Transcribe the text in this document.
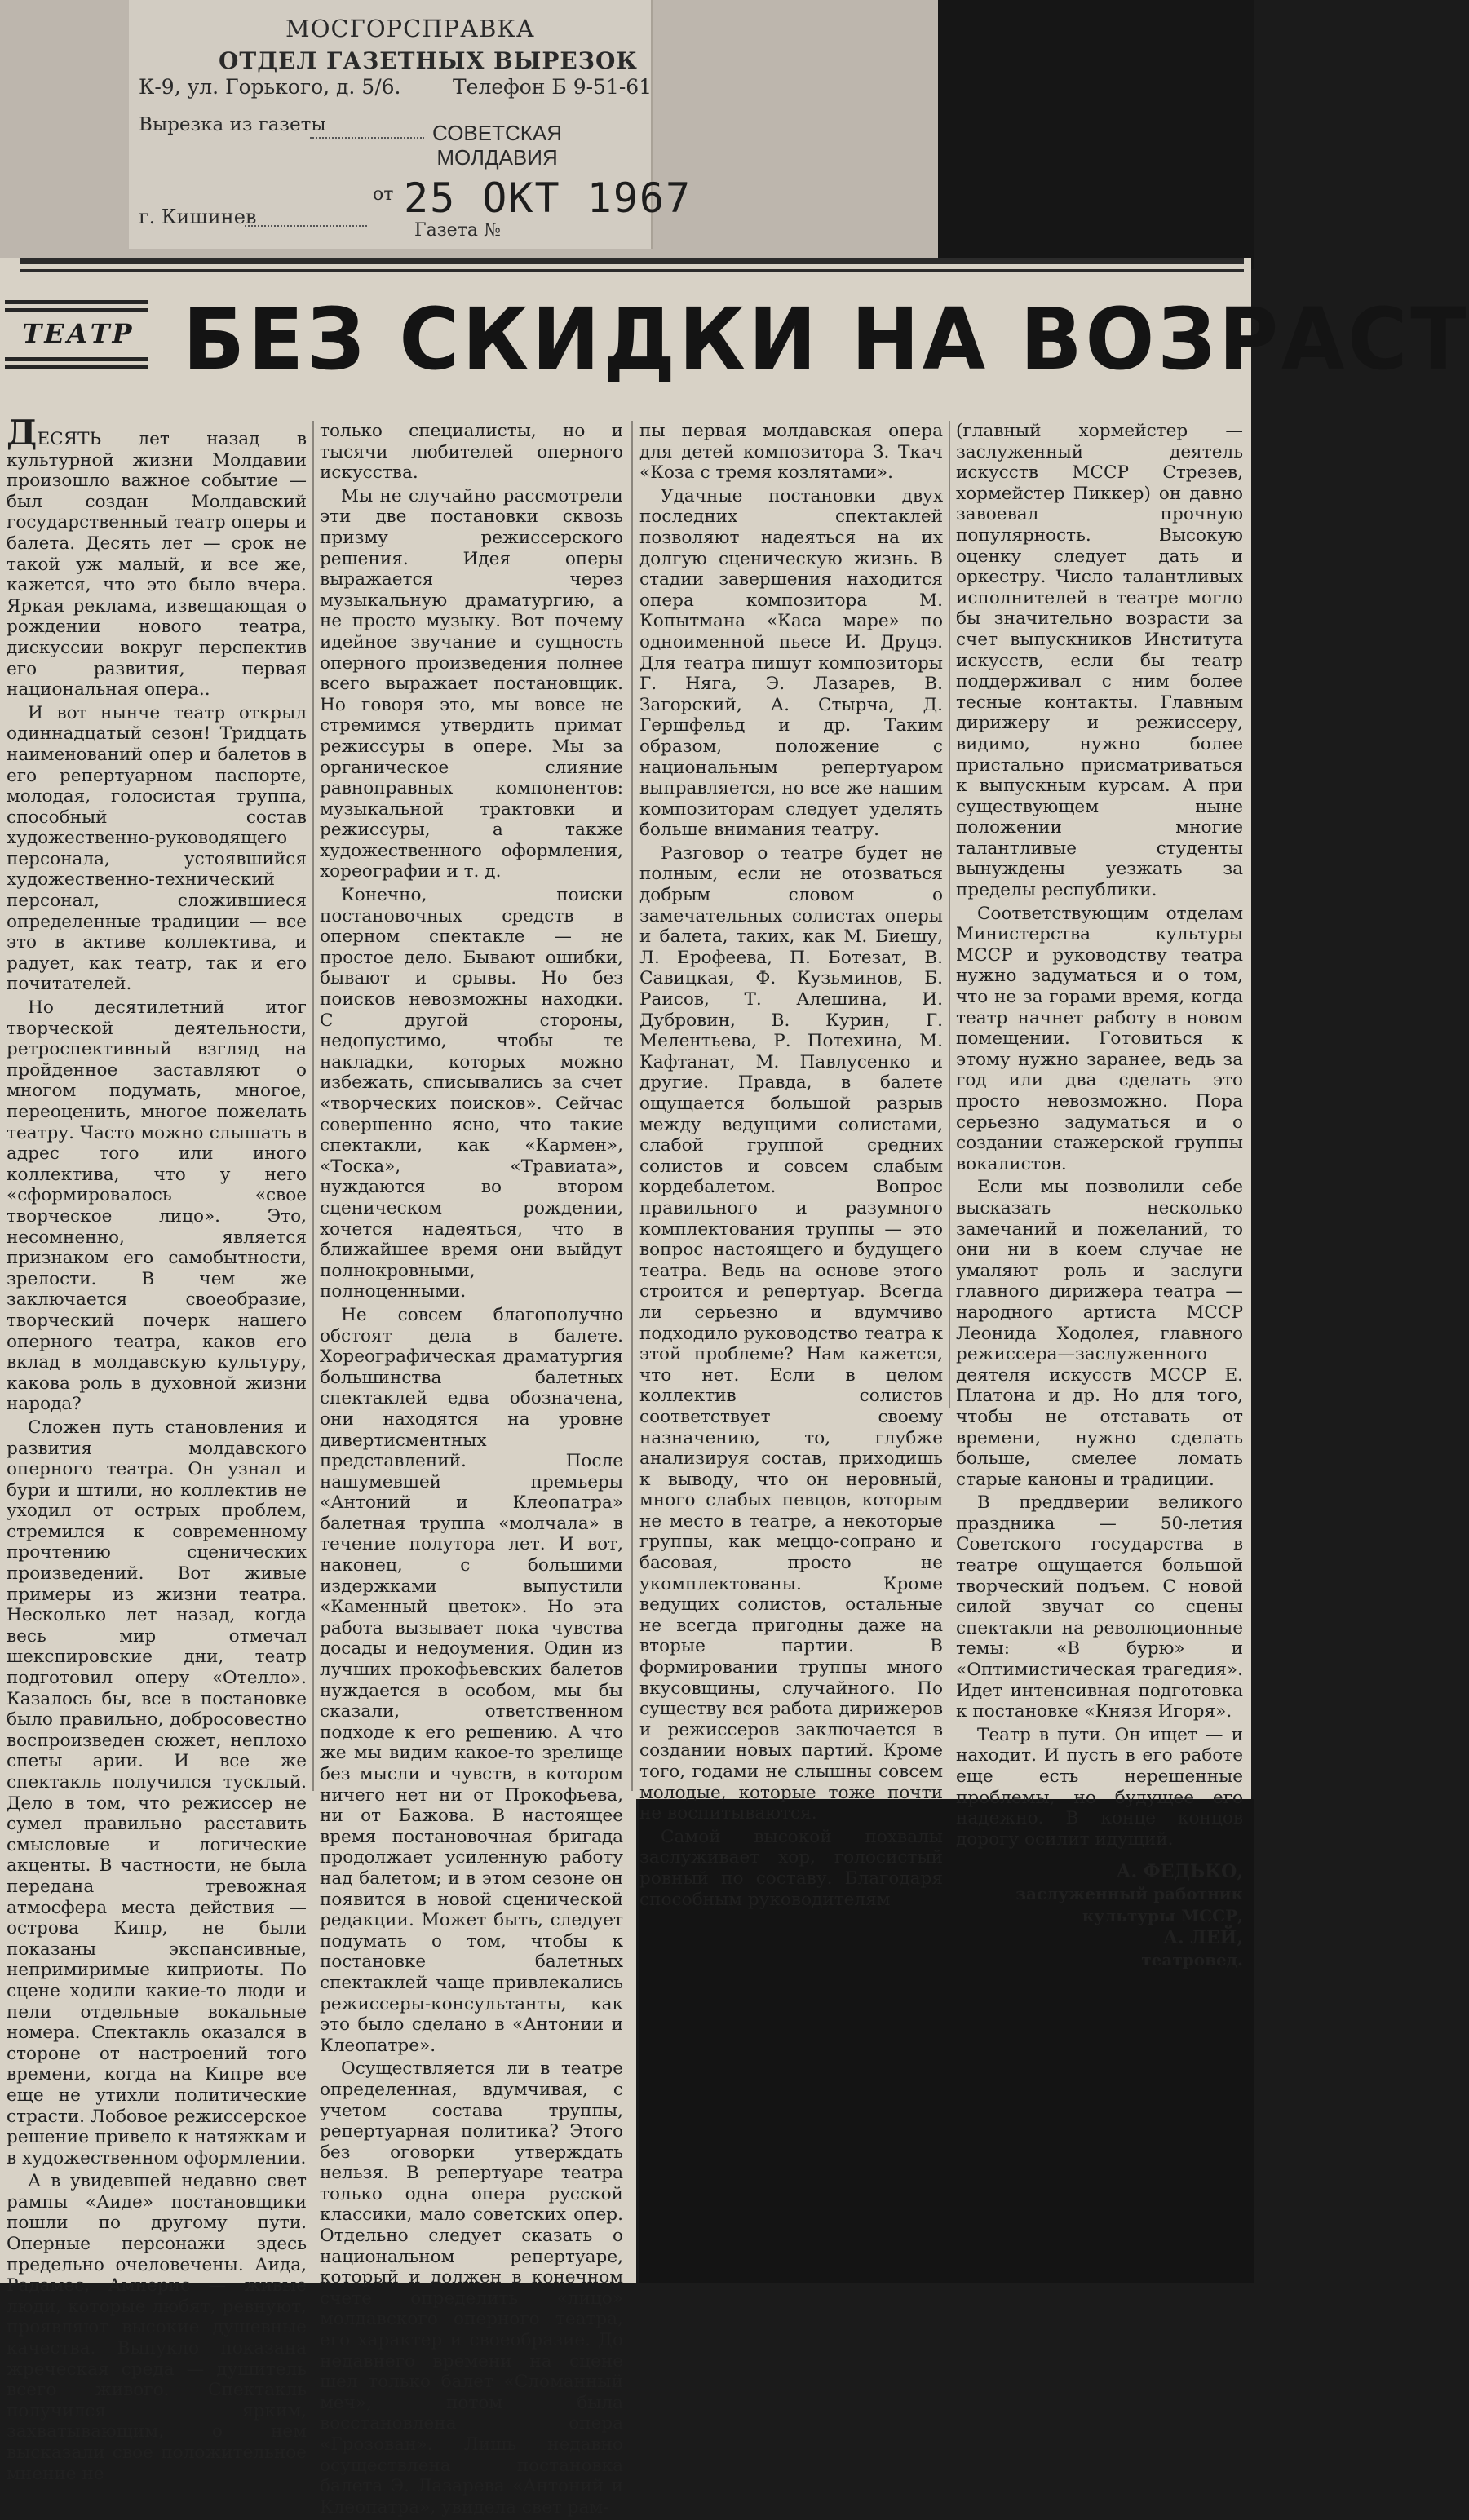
МОСГОРСПРАВКА
ОТДЕЛ ГАЗЕТНЫХ ВЫРЕЗОК
К-9, ул. Горького, д. 5/6.	Телефон Б 9-51-61
Вырезка из газеты	СОВЕТСКАЯ
МОЛДАВИЯ
г. Кишинев
от 25 ОКТ 1967
Газета №
ТЕАТР БЕЗ СКИДКИ НА ВОЗРАСТ

ДЕСЯТЬ лет назад в культурной жизни Молдавии произошло важное событие — был создан Молдавский государственный театр оперы и балета. Десять лет — срок не такой уж малый, и все же, кажется, что это было вчера. Яркая реклама, извещающая о рождении нового театра, дискуссии вокруг перспектив его развития, первая национальная опера..

И вот нынче театр открыл одиннадцатый сезон! Тридцать наименований опер и балетов в его репертуарном паспорте, молодая, голосистая труппа, способный состав художественно-руководящего персонала, устоявшийся художественно-технический персонал, сложившиеся определенные традиции — все это в активе коллектива, и радует, как театр, так и его почитателей.

Но десятилетний итог творческой деятельности, ретроспективный взгляд на пройденное заставляют о многом подумать, многое, переоценить, многое пожелать театру. Часто можно слышать в адрес того или иного коллектива, что у него «сформировалось «свое творческое лицо». Это, несомненно, является признаком его самобытности, зрелости. В чем же заключается своеобразие, творческий почерк нашего оперного театра, каков его вклад в молдавскую культуру, какова роль в духовной жизни народа?

Сложен путь становления и развития молдавского оперного театра. Он узнал и бури и штили, но коллектив не уходил от острых проблем, стремился к современному прочтению сценических произведений. Вот живые примеры из жизни театра. Несколько лет назад, когда весь мир отмечал шекспировские дни, театр подготовил оперу «Отелло». Казалось бы, все в постановке было правильно, добросовестно воспроизведен сюжет, неплохо спеты арии. И все же спектакль получился тусклый. Дело в том, что режиссер не сумел правильно расставить смысловые и логические акценты. В частности, не была передана тревожная атмосфера места действия — острова Кипр, не были показаны экспансивные, непримиримые киприоты. По сцене ходили какие-то люди и пели отдельные вокальные номера. Спектакль оказался в стороне от настроений того времени, когда на Кипре все еще не утихли политические страсти. Лобовое режиссерское решение привело к натяжкам и в художественном оформлении.

А в увидевшей недавно свет рампы «Аиде» постановщики пошли по другому пути. Оперные персонажи здесь предельно очеловечены. Аида, Радамес, Амнерис — живые люди, которые любят, ревнуют, проявляют высокие душевные качества. Выпукло показана жреческая среда — душитель всего живого. Спектакль получился ярким, захватывающим, о нем высказали свое положительное мнение не

только специалисты, но и тысячи любителей оперного искусства.

Мы не случайно рассмотрели эти две постановки сквозь призму режиссерского решения. Идея оперы выражается через музыкальную драматургию, а не просто музыку. Вот почему идейное звучание и сущность оперного произведения полнее всего выражает постановщик. Но говоря это, мы вовсе не стремимся утвердить примат режиссуры в опере. Мы за органическое слияние равноправных компонентов: музыкальной трактовки и режиссуры, а также художественного оформления, хореографии и т. д.

Конечно, поиски постановочных средств в оперном спектакле — не простое дело. Бывают ошибки, бывают и срывы. Но без поисков невозможны находки. С другой стороны, недопустимо, чтобы те накладки, которых можно избежать, списывались за счет «творческих поисков». Сейчас совершенно ясно, что такие спектакли, как «Кармен», «Тоска», «Травиата», нуждаются во втором сценическом рождении, хочется надеяться, что в ближайшее время они выйдут полнокровными, полноценными.

Не совсем благополучно обстоят дела в балете. Хореографическая драматургия большинства балетных спектаклей едва обозначена, они находятся на уровне дивертисментных представлений. После нашумевшей премьеры «Антоний и Клеопатра» балетная труппа «молчала» в течение полутора лет. И вот, наконец, с большими издержками выпустили «Каменный цветок». Но эта работа вызывает пока чувства досады и недоумения. Один из лучших прокофьевских балетов нуждается в особом, мы бы сказали, ответственном подходе к его решению. А что же мы видим какое-то зрелище без мысли и чувств, в котором ничего нет ни от Прокофьева, ни от Бажова. В настоящее время постановочная бригада продолжает усиленную работу над балетом; и в этом сезоне он появится в новой сценической редакции. Может быть, следует подумать о том, чтобы к постановке балетных спектаклей чаще привлекались режиссеры-консультанты, как это было сделано в «Антонии и Клеопатре».

Осуществляется ли в театре определенная, вдумчивая, с учетом состава труппы, репертуарная политика? Этого без оговорки утверждать нельзя. В репертуаре театра только одна опера русской классики, мало советских опер. Отдельно следует сказать о национальном репертуаре, который и должен в конечном счете определить «лицо» молдавского оперного театра, его характер и своеобразие. До недавнего времени на сцене шел только балет «Сломанный меч», потом была восстановлена опера «Грозован». Лишь недавно осуществлена постановка балета Э. Лазарева «Антоний и Клеопатра», увидела свет рам-

пы первая молдавская опера для детей композитора З. Ткач «Коза с тремя козлятами».

Удачные постановки двух последних спектаклей позволяют надеяться на их долгую сценическую жизнь. В стадии завершения находится опера композитора М. Копытмана «Каса маре» по одноименной пьесе И. Друцэ. Для театра пишут композиторы Г. Няга, Э. Лазарев, В. Загорский, А. Стырча, Д. Гершфельд и др. Таким образом, положение с национальным репертуаром выправляется, но все же нашим композиторам следует уделять больше внимания театру.

Разговор о театре будет не полным, если не отозваться добрым словом о замечательных солистах оперы и балета, таких, как М. Биешу, Л. Ерофеева, П. Ботезат, В. Савицкая, Ф. Кузьминов, Б. Раисов, Т. Алешина, И. Дубровин, В. Курин, Г. Мелентьева, Р. Потехина, М. Кафтанат, М. Павлусенко и другие. Правда, в балете ощущается большой разрыв между ведущими солистами, слабой группой средних солистов и совсем слабым кордебалетом. Вопрос правильного и разумного комплектования труппы — это вопрос настоящего и будущего театра. Ведь на основе этого строится и репертуар. Всегда ли серьезно и вдумчиво подходило руководство театра к этой проблеме? Нам кажется, что нет. Если в целом коллектив солистов соответствует своему назначению, то, глубже анализируя состав, приходишь к выводу, что он неровный, много слабых певцов, которым не место в театре, а некоторые группы, как меццо-сопрано и басовая, просто не укомплектованы. Кроме ведущих солистов, остальные не всегда пригодны даже на вторые партии. В формировании труппы много вкусовщины, случайного. По существу вся работа дирижеров и режиссеров заключается в создании новых партий. Кроме того, годами не слышны совсем молодые, которые тоже почти не воспитываются.

Самой высокой похвалы заслуживает хор, голосистый ровный по составу. Благодаря способным руководителям

(главный хормейстер — заслуженный деятель искусств МССР Стрезев, хормейстер Пиккер) он давно завоевал прочную популярность. Высокую оценку следует дать и оркестру. Число талантливых исполнителей в театре могло бы значительно возрасти за счет выпускников Института искусств, если бы театр поддерживал с ним более тесные контакты. Главным дирижеру и режиссеру, видимо, нужно более пристально присматриваться к выпускным курсам. А при существующем ныне положении многие талантливые студенты вынуждены уезжать за пределы республики.

Соответствующим отделам Министерства культуры МССР и руководству театра нужно задуматься и о том, что не за горами время, когда театр начнет работу в новом помещении. Готовиться к этому нужно заранее, ведь за год или два сделать это просто невозможно. Пора серьезно задуматься и о создании стажерской группы вокалистов.

Если мы позволили себе высказать несколько замечаний и пожеланий, то они ни в коем случае не умаляют роль и заслуги главного дирижера театра — народного артиста МССР Леонида Ходолея, главного режиссера—заслуженного деятеля искусств МССР Е. Платона и др. Но для того, чтобы не отставать от времени, нужно сделать больше, смелее ломать старые каноны и традиции.

В преддверии великого праздника — 50-летия Советского государства в театре ощущается большой творческий подъем. С новой силой звучат со сцены спектакли на революционные темы: «В бурю» и «Оптимистическая трагедия». Идет интенсивная подготовка к постановке «Князя Игоря».

Театр в пути. Он ищет — и находит. И пусть в его работе еще есть нерешенные проблемы, но будущее его надежно. В конце концов дорогу осилит идущий.

А. ФЕДЬКО,
заслуженный работник
культуры МССР,
А. ЛЕЙ,
театровед.
